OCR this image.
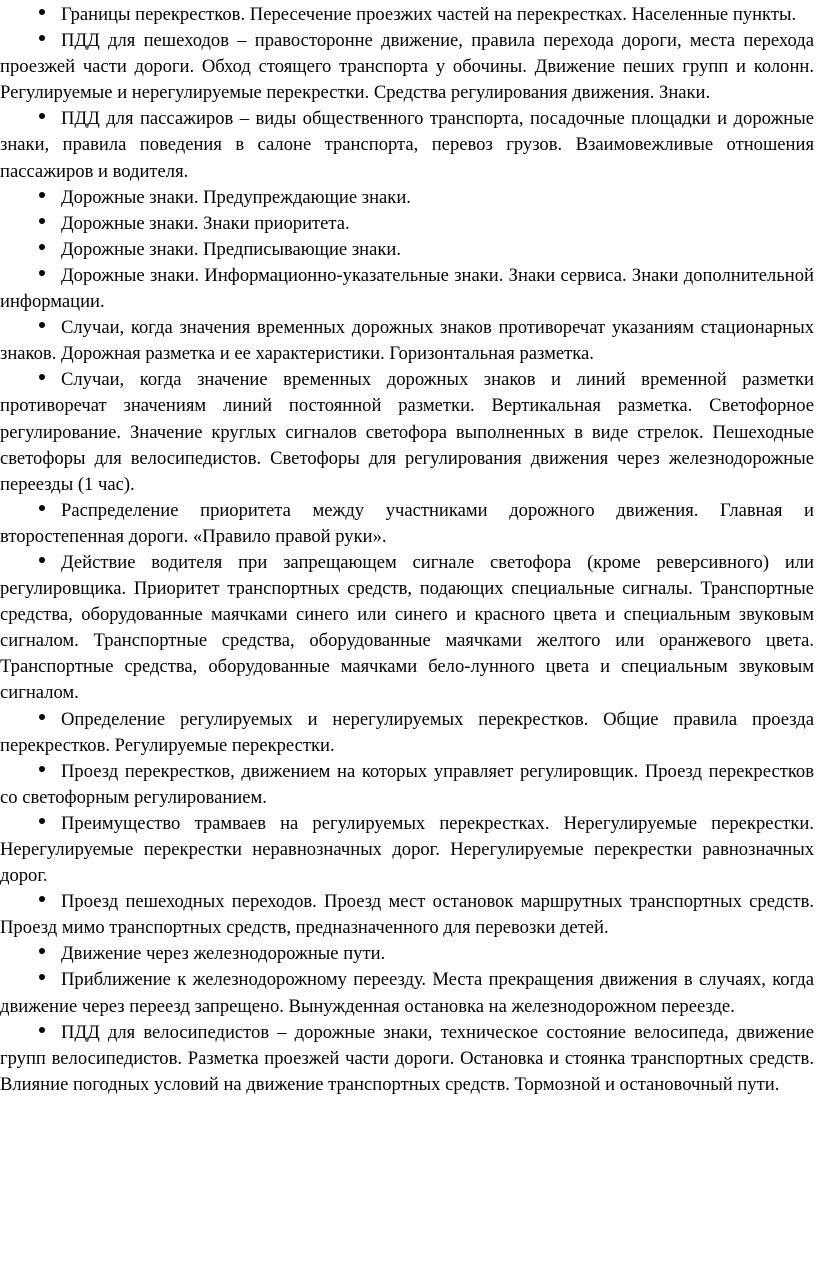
Границы перекрестков. Пересечение проезжих частей на перекрестках. Населенные пункты.

ПДД для пешеходов – правосторонне движение, правила перехода дороги, места перехода проезжей части дороги. Обход стоящего транспорта у обочины. Движение пеших групп и колонн. Регулируемые и нерегулируемые перекрестки. Средства регулирования движения. Знаки.

ПДД для пассажиров – виды общественного транспорта, посадочные площадки и дорожные знаки, правила поведения в салоне транспорта, перевоз грузов. Взаимовежливые отношения пассажиров и водителя.

Дорожные знаки. Предупреждающие знаки.

Дорожные знаки. Знаки приоритета.

Дорожные знаки. Предписывающие знаки.

Дорожные знаки. Информационно-указательные знаки. Знаки сервиса. Знаки дополнительной информации.

Случаи, когда значения временных дорожных знаков противоречат указаниям стационарных знаков. Дорожная разметка и ее характеристики. Горизонтальная разметка.

Случаи, когда значение временных дорожных знаков и линий временной разметки противоречат значениям линий постоянной разметки. Вертикальная разметка. Светофорное регулирование. Значение круглых сигналов светофора выполненных в виде стрелок. Пешеходные светофоры для велосипедистов. Светофоры для регулирования движения через железнодорожные переезды (1 час).

Распределение приоритета между участниками дорожного движения. Главная и второстепенная дороги. «Правило правой руки».

Действие водителя при запрещающем сигнале светофора (кроме реверсивного) или регулировщика. Приоритет транспортных средств, подающих специальные сигналы. Транспортные средства, оборудованные маячками синего или синего и красного цвета и специальным звуковым сигналом. Транспортные средства, оборудованные маячками желтого или оранжевого цвета. Транспортные средства, оборудованные маячками бело-лунного цвета и специальным звуковым сигналом.

Определение регулируемых и нерегулируемых перекрестков. Общие правила проезда перекрестков. Регулируемые перекрестки.

Проезд перекрестков, движением на которых управляет регулировщик. Проезд перекрестков со светофорным регулированием.

Преимущество трамваев на регулируемых перекрестках. Нерегулируемые перекрестки. Нерегулируемые перекрестки неравнозначных дорог. Нерегулируемые перекрестки равнозначных дорог.

Проезд пешеходных переходов. Проезд мест остановок маршрутных транспортных средств. Проезд мимо транспортных средств, предназначенного для перевозки детей.

Движение через железнодорожные пути.

Приближение к железнодорожному переезду. Места прекращения движения в случаях, когда движение через переезд запрещено. Вынужденная остановка на железнодорожном переезде.

ПДД для велосипедистов – дорожные знаки, техническое состояние велосипеда, движение групп велосипедистов. Разметка проезжей части дороги. Остановка и стоянка транспортных средств. Влияние погодных условий на движение транспортных средств. Тормозной и остановочный пути.
